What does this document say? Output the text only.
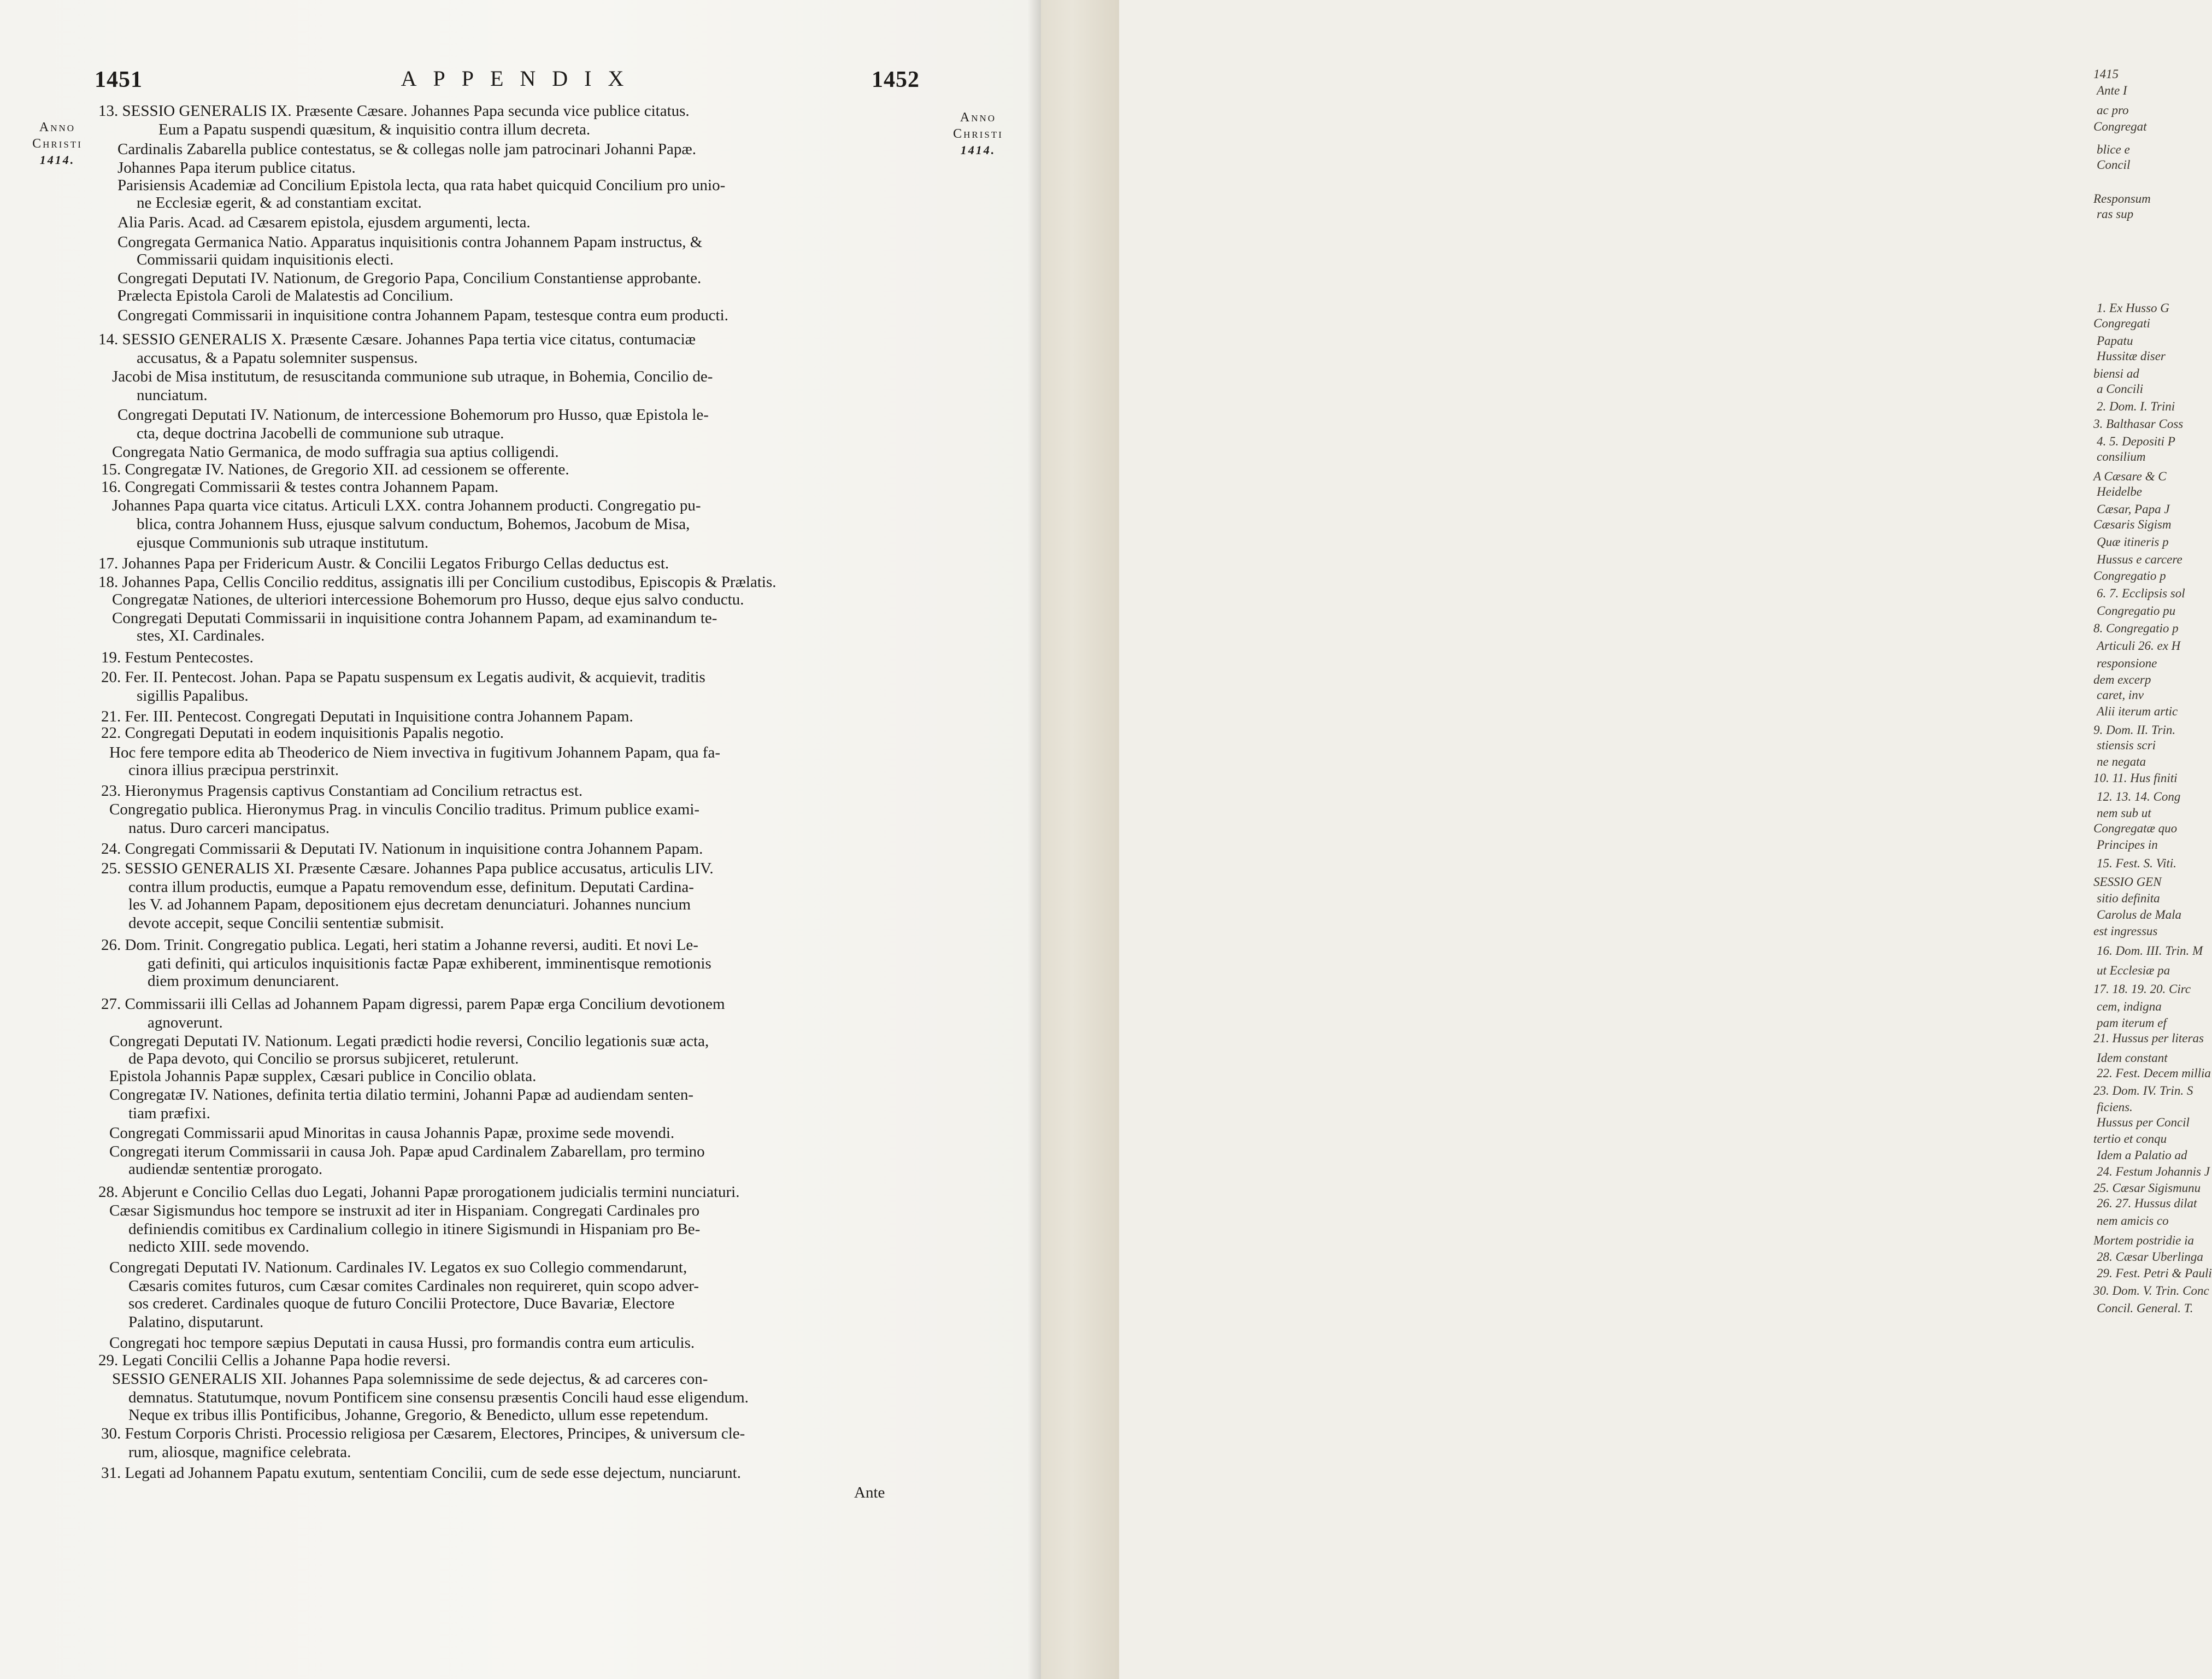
1451	APPENDIX	1452
Anno
Christi
1414.
Anno
Christi
1414.
13. SESSIO GENERALIS IX. Præsente Cæsare. Johannes Papa secunda vice publice citatus.
Eum a Papatu suspendi quæsitum, & inquisitio contra illum decreta.
Cardinalis Zabarella publice contestatus, se & collegas nolle jam patrocinari Johanni Papæ.
Johannes Papa iterum publice citatus.
Parisiensis Academiæ ad Concilium Epistola lecta, qua rata habet quicquid Concilium pro unio-
ne Ecclesiæ egerit, & ad constantiam excitat.
Alia Paris. Acad. ad Cæsarem epistola, ejusdem argumenti, lecta.
Congregata Germanica Natio. Apparatus inquisitionis contra Johannem Papam instructus, &
Commissarii quidam inquisitionis electi.
Congregati Deputati IV. Nationum, de Gregorio Papa, Concilium Constantiense approbante.
Prælecta Epistola Caroli de Malatestis ad Concilium.
Congregati Commissarii in inquisitione contra Johannem Papam, testesque contra eum producti.
14. SESSIO GENERALIS X. Præsente Cæsare. Johannes Papa tertia vice citatus, contumaciæ
accusatus, & a Papatu solemniter suspensus.
Jacobi de Misa institutum, de resuscitanda communione sub utraque, in Bohemia, Concilio de-
nunciatum.
Congregati Deputati IV. Nationum, de intercessione Bohemorum pro Husso, quæ Epistola le-
cta, deque doctrina Jacobelli de communione sub utraque.
Congregata Natio Germanica, de modo suffragia sua aptius colligendi.
15. Congregatæ IV. Nationes, de Gregorio XII. ad cessionem se offerente.
16. Congregati Commissarii & testes contra Johannem Papam.
Johannes Papa quarta vice citatus. Articuli LXX. contra Johannem producti. Congregatio pu-
blica, contra Johannem Huss, ejusque salvum conductum, Bohemos, Jacobum de Misa,
ejusque Communionis sub utraque institutum.
17. Johannes Papa per Fridericum Austr. & Concilii Legatos Friburgo Cellas deductus est.
18. Johannes Papa, Cellis Concilio redditus, assignatis illi per Concilium custodibus, Episcopis & Prælatis.
Congregatæ Nationes, de ulteriori intercessione Bohemorum pro Husso, deque ejus salvo conductu.
Congregati Deputati Commissarii in inquisitione contra Johannem Papam, ad examinandum te-
stes, XI. Cardinales.
19. Festum Pentecostes.
20. Fer. II. Pentecost. Johan. Papa se Papatu suspensum ex Legatis audivit, & acquievit, traditis
sigillis Papalibus.
21. Fer. III. Pentecost. Congregati Deputati in Inquisitione contra Johannem Papam.
22. Congregati Deputati in eodem inquisitionis Papalis negotio.
Hoc fere tempore edita ab Theoderico de Niem invectiva in fugitivum Johannem Papam, qua fa-
cinora illius præcipua perstrinxit.
23. Hieronymus Pragensis captivus Constantiam ad Concilium retractus est.
Congregatio publica. Hieronymus Prag. in vinculis Concilio traditus. Primum publice exami-
natus. Duro carceri mancipatus.
24. Congregati Commissarii & Deputati IV. Nationum in inquisitione contra Johannem Papam.
25. SESSIO GENERALIS XI. Præsente Cæsare. Johannes Papa publice accusatus, articulis LIV.
contra illum productis, eumque a Papatu removendum esse, definitum. Deputati Cardina-
les V. ad Johannem Papam, depositionem ejus decretam denunciaturi. Johannes nuncium
devote accepit, seque Concilii sententiæ submisit.
26. Dom. Trinit. Congregatio publica. Legati, heri statim a Johanne reversi, auditi. Et novi Le-
gati definiti, qui articulos inquisitionis factæ Papæ exhiberent, imminentisque remotionis
diem proximum denunciarent.
27. Commissarii illi Cellas ad Johannem Papam digressi, parem Papæ erga Concilium devotionem
agnoverunt.
Congregati Deputati IV. Nationum. Legati prædicti hodie reversi, Concilio legationis suæ acta,
de Papa devoto, qui Concilio se prorsus subjiceret, retulerunt.
Epistola Johannis Papæ supplex, Cæsari publice in Concilio oblata.
Congregatæ IV. Nationes, definita tertia dilatio termini, Johanni Papæ ad audiendam senten-
tiam præfixi.
Congregati Commissarii apud Minoritas in causa Johannis Papæ, proxime sede movendi.
Congregati iterum Commissarii in causa Joh. Papæ apud Cardinalem Zabarellam, pro termino
audiendæ sententiæ prorogato.
28. Abjerunt e Concilio Cellas duo Legati, Johanni Papæ prorogationem judicialis termini nunciaturi.
Cæsar Sigismundus hoc tempore se instruxit ad iter in Hispaniam. Congregati Cardinales pro
definiendis comitibus ex Cardinalium collegio in itinere Sigismundi in Hispaniam pro Be-
nedicto XIII. sede movendo.
Congregati Deputati IV. Nationum. Cardinales IV. Legatos ex suo Collegio commendarunt,
Cæsaris comites futuros, cum Cæsar comites Cardinales non requireret, quin scopo adver-
sos crederet. Cardinales quoque de futuro Concilii Protectore, Duce Bavariæ, Electore
Palatino, disputarunt.
Congregati hoc tempore sæpius Deputati in causa Hussi, pro formandis contra eum articulis.
29. Legati Concilii Cellis a Johanne Papa hodie reversi.
SESSIO GENERALIS XII. Johannes Papa solemnissime de sede dejectus, & ad carceres con-
demnatus. Statutumque, novum Pontificem sine consensu præsentis Concili haud esse eligendum.
Neque ex tribus illis Pontificibus, Johanne, Gregorio, & Benedicto, ullum esse repetendum.
30. Festum Corporis Christi. Processio religiosa per Cæsarem, Electores, Principes, & universum cle-
rum, aliosque, magnifice celebrata.
31. Legati ad Johannem Papatu exutum, sententiam Concilii, cum de sede esse dejectum, nunciarunt.
Ante
1415
Ante I
ac pro
Congregat
blice e
Concil
Responsum
ras sup
1. Ex Husso G
Congregati
Papatu
Hussitæ diser
biensi ad
a Concili
2. Dom. I. Trini
3. Balthasar Coss
4. 5. Depositi P
consilium
A Cæsare & C
Heidelbe
Cæsar, Papa J
Cæsaris Sigism
Quæ itineris p
Hussus e carcere
Congregatio p
6. 7. Ecclipsis sol
Congregatio pu
8. Congregatio p
Articuli 26. ex H
responsione
dem excerp
caret, inv
Alii iterum artic
9. Dom. II. Trin.
stiensis scri
ne negata
10. 11. Hus finiti
12. 13. 14. Cong
nem sub ut
Congregatæ quo
Principes in
15. Fest. S. Viti.
SESSIO GEN
sitio definita
Carolus de Mala
est ingressus
16. Dom. III. Trin. M
ut Ecclesiæ pa
17. 18. 19. 20. Circ
cem, indigna
pam iterum ef
21. Hussus per literas
Idem constant
22. Fest. Decem millia
23. Dom. IV. Trin. S
ficiens.
Hussus per Concil
tertio et conqu
Idem a Palatio ad
24. Festum Johannis J
25. Cæsar Sigismunu
26. 27. Hussus dilat
nem amicis co
Mortem postridie ia
28. Cæsar Uberlinga
29. Fest. Petri & Pauli
30. Dom. V. Trin. Conc
Concil. General. T.
